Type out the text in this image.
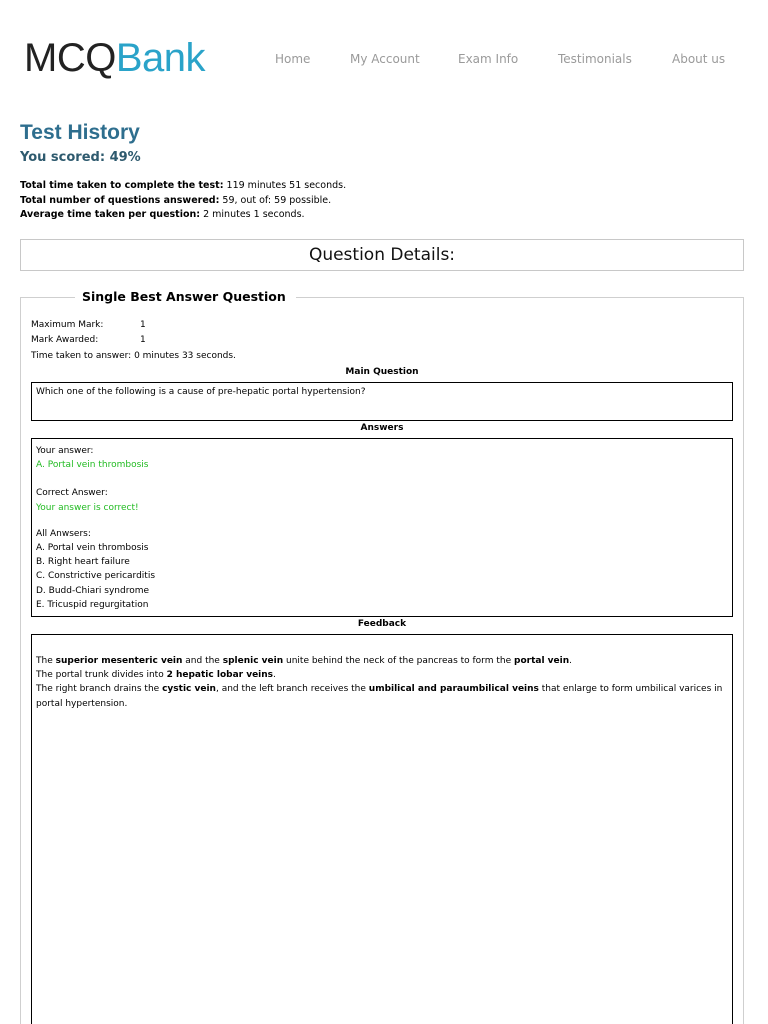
MCQBank	Home	My Account	Exam Info	Testimonials	About us
Test History
You scored: 49%
Total time taken to complete the test: 119 minutes 51 seconds.
Total number of questions answered: 59, out of: 59 possible.
Average time taken per question: 2 minutes 1 seconds.
Question Details:
Single Best Answer Question
Maximum Mark:	1
Mark Awarded:	1
Time taken to answer: 0 minutes 33 seconds.
Main Question
Which one of the following is a cause of pre-hepatic portal hypertension?
Answers
Your answer:
A. Portal vein thrombosis
Correct Answer:
Your answer is correct!
All Anwsers:
A. Portal vein thrombosis
B. Right heart failure
C. Constrictive pericarditis
D. Budd-Chiari syndrome
E. Tricuspid regurgitation
Feedback
The superior mesenteric vein and the splenic vein unite behind the neck of the pancreas to form the portal vein.
The portal trunk divides into 2 hepatic lobar veins.
The right branch drains the cystic vein, and the left branch receives the umbilical and paraumbilical veins that enlarge to form umbilical varices in portal hypertension.
